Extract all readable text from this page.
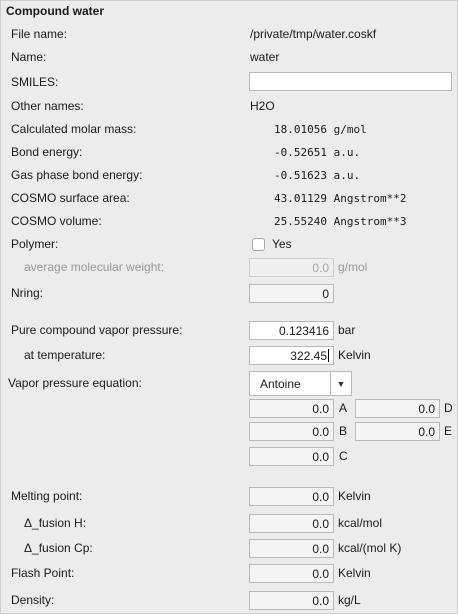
Compound water
File name:	/private/tmp/water.coskf
Name:	water
SMILES:
Other names:	H2O
Calculated molar mass:	18.01056 g/mol
Bond energy:	-0.52651 a.u.
Gas phase bond energy:	-0.51623 a.u.
COSMO surface area:	43.01129 Angstrom**2
COSMO volume:	25.55240 Angstrom**3
Polymer:	Yes
average molecular weight:	0.0 g/mol
Nring:	0
Pure compound vapor pressure:	0.123416 bar
at temperature:	322.45 Kelvin
Vapor pressure equation:	Antoine	▼
0.0 A	0.0 D
0.0 B	0.0 E
0.0 C
Melting point:	0.0 Kelvin
Δ_fusion H:	0.0 kcal/mol
Δ_fusion Cp:	0.0 kcal/(mol K)
Flash Point:	0.0 Kelvin
Density:	0.0 kg/L
